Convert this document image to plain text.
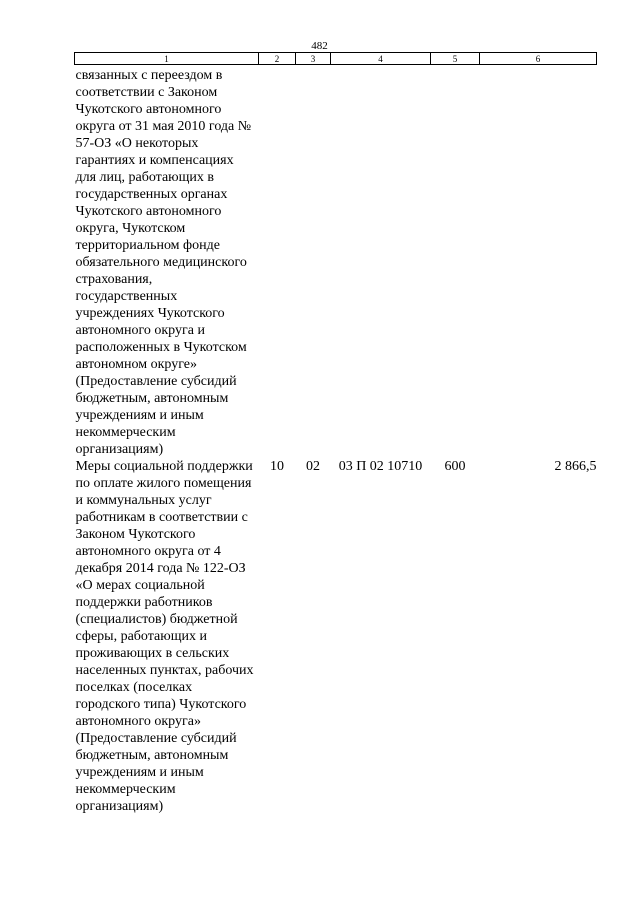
482
1	2	3	4	5	6

связанных с переездом в соответствии с Законом Чукотского автономного округа от 31 мая 2010 года № 57-ОЗ «О некоторых гарантиях и компенсациях для лиц, работающих в государственных органах Чукотского автономного округа, Чукотском территориальном фонде обязательного медицинского страхования, государственных учреждениях Чукотского автономного округа и расположенных в Чукотском автономном округе» (Предоставление субсидий бюджетным, автономным учреждениям и иным некоммерческим организациям)					

Меры социальной поддержки по оплате жилого помещения и коммунальных услуг работникам в соответствии с Законом Чукотского автономного округа от 4 декабря 2014 года № 122-ОЗ «О мерах социальной поддержки работников (специалистов) бюджетной сферы, работающих и проживающих в сельских населенных пунктах, рабочих поселках (поселках городского типа) Чукотского автономного округа» (Предоставление субсидий бюджетным, автономным учреждениям и иным некоммерческим организациям)	10	02	03 П 02 10710	600	2 866,5
